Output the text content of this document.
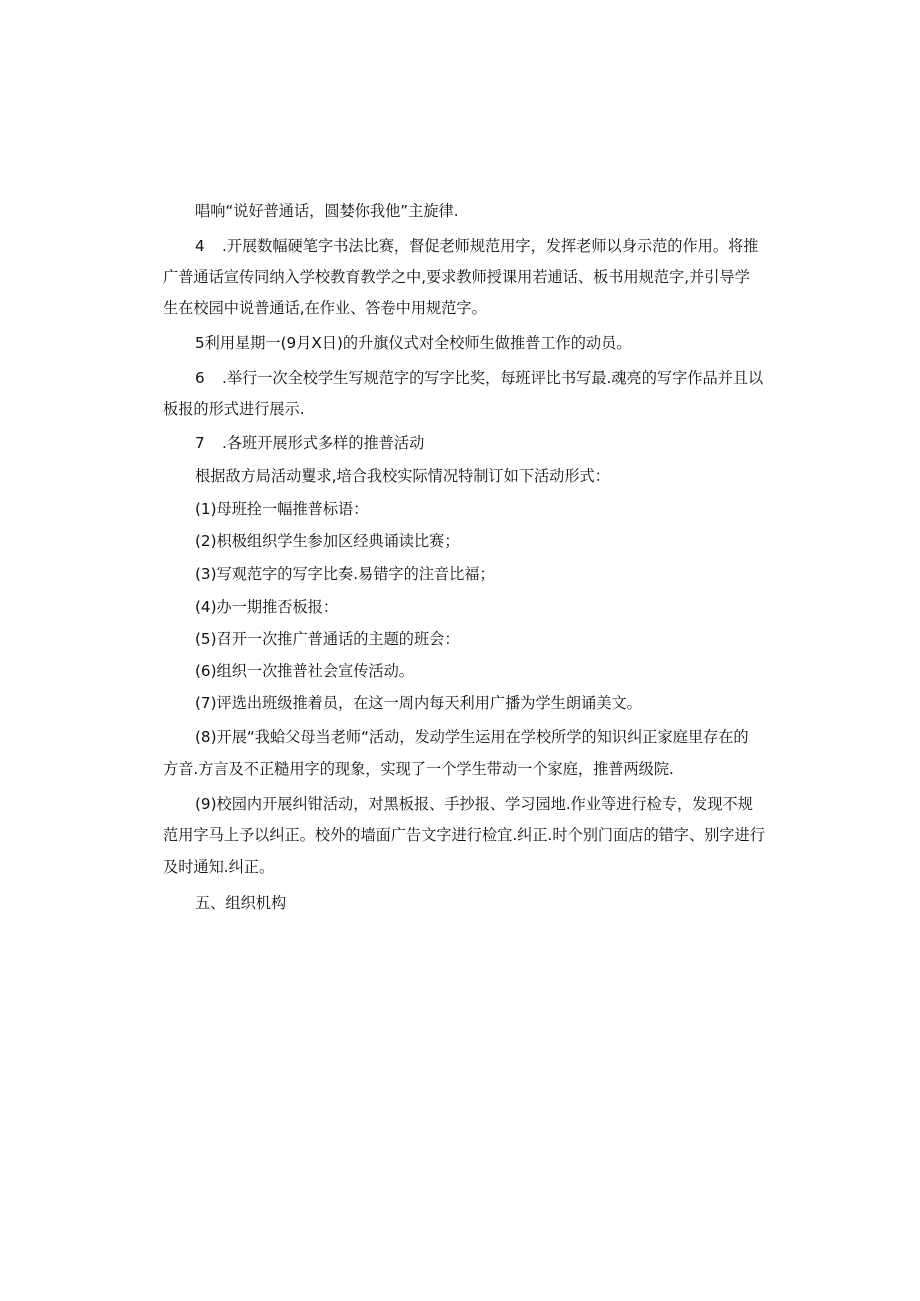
唱响“说好普通话，圆婪你我他”主旋律.
4 .开展数幅硬笔字书法比赛，督促老师规范用字，发挥老师以身示范的作用。将推
广普通话宣传同纳入学校教育教学之中,要求教师授课用若逋话、板书用规范字,并引导学
生在校园中说普通话,在作业、答卷中用规范字。
5利用星期一(9月X日)的升旗仪式对全校师生做推普工作的动员。
6 .举行一次全校学生写规范字的写字比奖，每班评比书写最.魂亮的写字作品并且以
板报的形式进行展示.
7 .各班开展形式多样的推普活动
根据敌方局活动矍求,培合我校实际情况特制订如下活动形式：
(1)母班拴一幅推普标语：
(2)枳极组织学生参加区经典诵读比赛；
(3)写观范字的写字比奏.易错字的注音比福；
(4)办一期推否板报：
(5)召开一次推广普通话的主题的班会：
(6)组织一次推普社会宣传活动。
(7)评选出班级推着员，在这一周内每天利用广播为学生朗诵美文。
(8)开展“我蛤父母当老师“活动，发动学生运用在学校所学的知识纠正家庭里存在的
方音.方言及不正糙用字的现象，实现了一个学生带动一个家庭，推普两级院.
(9)校园内开展纠钳活动，对黑板报、手抄报、学习园地.作业等进行检专，发现不规
范用字马上予以纠正。校外的墙面广告文字进行检宜.纠正.时个别门面店的错字、别字进行
及时通知.纠正。
五、组织机构
